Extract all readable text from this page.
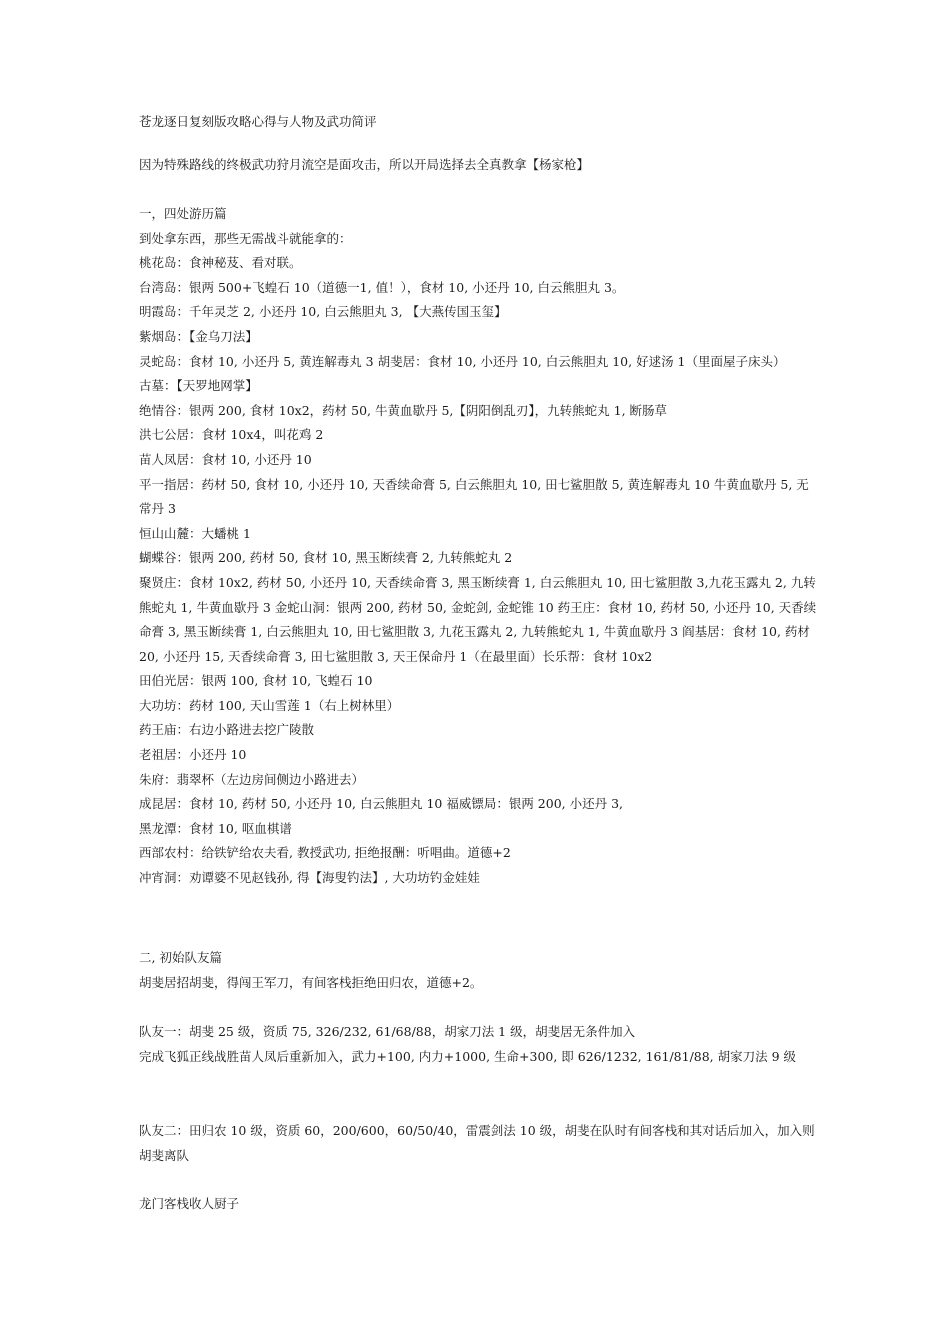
苍龙逐日复刻版攻略心得与人物及武功简评
因为特殊路线的终极武功狩月流空是面攻击，所以开局选择去全真教拿【杨家枪】
一，四处游历篇
到处拿东西，那些无需战斗就能拿的：
桃花岛：食神秘芨、看对联。
台湾岛：银两 500+飞蝗石 10（道德一1, 值！），食材 10, 小还丹 10, 白云熊胆丸 3。
明霞岛：千年灵芝 2, 小还丹 10, 白云熊胆丸 3, 【大燕传国玉玺】
紫烟岛：【金乌刀法】
灵蛇岛：食材 10, 小还丹 5, 黄连解毒丸 3 胡斐居：食材 10, 小还丹 10, 白云熊胆丸 10, 好逑汤 1（里面屋子床头）
古墓：【天罗地网掌】
绝情谷：银两 200, 食材 10x2，药材 50, 牛黄血歇丹 5,【阴阳倒乱刃】，九转熊蛇丸 1, 断肠草
洪七公居：食材 10x4，叫花鸡 2
苗人凤居：食材 10, 小还丹 10
平一指居：药材 50, 食材 10, 小还丹 10, 天香续命膏 5, 白云熊胆丸 10, 田七鲨胆散 5, 黄连解毒丸 10 牛黄血歇丹 5, 无常丹 3
恒山山麓：大蟠桃 1
蝴蝶谷：银两 200, 药材 50, 食材 10, 黑玉断续膏 2, 九转熊蛇丸 2
聚贤庄：食材 10x2, 药材 50, 小还丹 10, 天香续命膏 3, 黑玉断续膏 1, 白云熊胆丸 10, 田七鲨胆散 3,九花玉露丸 2, 九转熊蛇丸 1, 牛黄血歇丹 3 金蛇山洞：银两 200, 药材 50, 金蛇剑, 金蛇锥 10 药王庄：食材 10, 药材 50, 小还丹 10, 天香续命膏 3, 黑玉断续膏 1, 白云熊胆丸 10, 田七鲨胆散 3, 九花玉露丸 2, 九转熊蛇丸 1, 牛黄血歇丹 3 阎基居：食材 10, 药材 20, 小还丹 15, 天香续命膏 3, 田七鲨胆散 3, 天王保命丹 1（在最里面）长乐帮：食材 10x2
田伯光居：银两 100, 食材 10, 飞蝗石 10
大功坊：药材 100, 天山雪莲 1（右上树林里）
药王庙：右边小路进去挖广陵散
老祖居：小还丹 10
朱府：翡翠杯（左边房间侧边小路进去）
成昆居：食材 10, 药材 50, 小还丹 10, 白云熊胆丸 10 福威镖局：银两 200, 小还丹 3,
黑龙潭：食材 10, 呕血棋谱
西部农村：给铁铲给农夫看, 教授武功, 拒绝报酬：听唱曲。道德+2
冲宵洞：劝谭婆不见赵钱孙, 得【海叟钓法】, 大功坊钓金娃娃
二, 初始队友篇
胡斐居招胡斐，得闯王军刀，有间客栈拒绝田归农，道德+2。
队友一：胡斐 25 级，资质 75, 326/232, 61/68/88，胡家刀法 1 级，胡斐居无条件加入
完成飞狐正线战胜苗人凤后重新加入，武力+100, 内力+1000, 生命+300, 即 626/1232, 161/81/88, 胡家刀法 9 级
队友二：田归农 10 级，资质 60，200/600，60/50/40，雷震剑法 10 级，胡斐在队时有间客栈和其对话后加入，加入则胡斐离队
龙门客栈收人厨子
